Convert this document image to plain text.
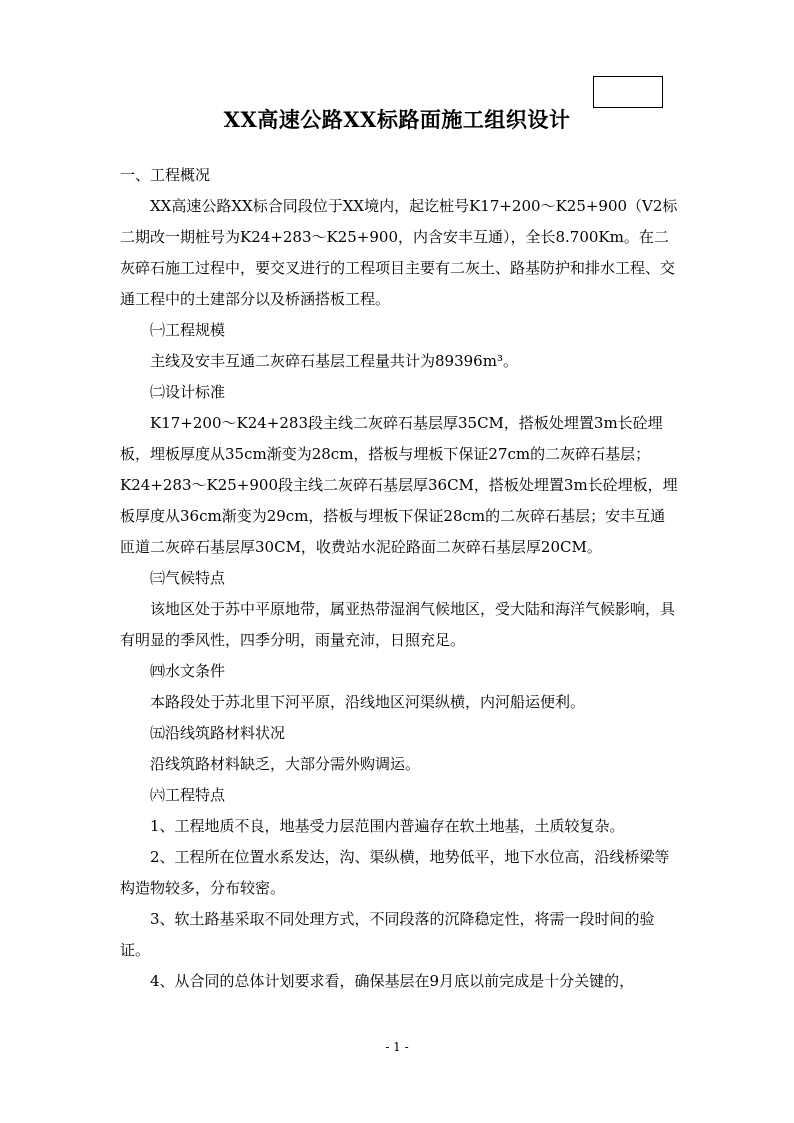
XX高速公路XX标路面施工组织设计

一、工程概况

XX高速公路XX标合同段位于XX境内，起讫桩号K17+200～K25+900（V2标二期改一期桩号为K24+283～K25+900，内含安丰互通），全长8.700Km。在二灰碎石施工过程中，要交叉进行的工程项目主要有二灰土、路基防护和排水工程、交通工程中的土建部分以及桥涵搭板工程。

㈠工程规模

主线及安丰互通二灰碎石基层工程量共计为89396m³。

㈡设计标准

K17+200～K24+283段主线二灰碎石基层厚35CM，搭板处埋置3m长砼埋板，埋板厚度从35cm渐变为28cm，搭板与埋板下保证27cm的二灰碎石基层；K24+283～K25+900段主线二灰碎石基层厚36CM，搭板处埋置3m长砼埋板，埋板厚度从36cm渐变为29cm，搭板与埋板下保证28cm的二灰碎石基层；安丰互通匝道二灰碎石基层厚30CM，收费站水泥砼路面二灰碎石基层厚20CM。

㈢气候特点

该地区处于苏中平原地带，属亚热带湿润气候地区，受大陆和海洋气候影响，具有明显的季风性，四季分明，雨量充沛，日照充足。

㈣水文条件

本路段处于苏北里下河平原，沿线地区河渠纵横，内河船运便利。

㈤沿线筑路材料状况

沿线筑路材料缺乏，大部分需外购调运。

㈥工程特点

1、工程地质不良，地基受力层范围内普遍存在软土地基，土质较复杂。

2、工程所在位置水系发达，沟、渠纵横，地势低平，地下水位高，沿线桥梁等构造物较多，分布较密。

3、软土路基采取不同处理方式，不同段落的沉降稳定性，将需一段时间的验证。

4、从合同的总体计划要求看，确保基层在9月底以前完成是十分关键的，

- 1 -
